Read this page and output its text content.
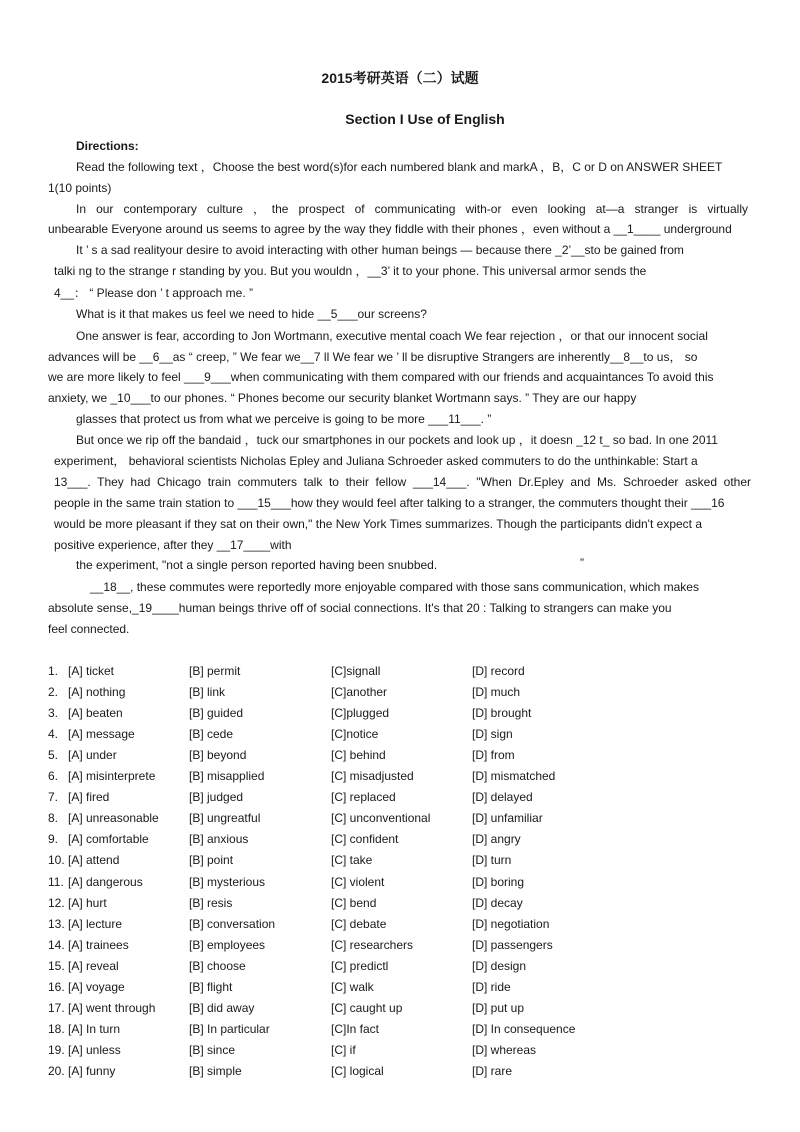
2015考研英语（二）试题
Section I Use of English
Directions:
Read the following text ，Choose the best word(s)for each numbered blank and markA ，B，C or D on ANSWER SHEET
1(10 points)
In our contemporary culture ，the prospect of communicating with-or even looking at—a stranger is virtually
unbearable Everyone around us seems to agree by the way they fiddle with their phones ，even without a __1____ underground
It ’ s a sad realityour desire to avoid interacting with other human beings — because there _2’__sto be gained from
talki ng to the strange r standing by you. But you wouldn ，__3’ it to your phone. This universal armor sends the
4__： “ Please don ’ t approach me. ”
What is it that makes us feel we need to hide __5___our screens?
One answer is fear, according to Jon Wortmann, executive mental coach We fear rejection ，or that our innocent social
advances will be __6__as “ creep, ” We fear we__7 ll We fear we ’ ll be disruptive Strangers are inherently__8__to us， so
we are more likely to feel ___9___when communicating with them compared with our friends and acquaintances To avoid this
anxiety, we _10___to our phones. “ Phones become our security blanket Wortmann says. ” They are our happy
glasses that protect us from what we perceive is going to be more ___11___. ”
But once we rip off the bandaid ，tuck our smartphones in our pockets and look up ，it doesn _12 t_ so bad. In one 2011
experiment， behavioral scientists Nicholas Epley and Juliana Schroeder asked commuters to do the unthinkable: Start a
13___. They had Chicago train commuters talk to their fellow ___14___. "When Dr.Epley and Ms. Schroeder asked other
people in the same train station to ___15___how they would feel after talking to a stranger, the commuters thought their ___16
would be more pleasant if they sat on their own," the New York Times summarizes. Though the participants didn't expect a
positive experience, after they __17____with
the experiment, "not a single person reported having been snubbed.	”
__18__, these commutes were reportedly more enjoyable compared with those sans communication, which makes
absolute sense,_19____human beings thrive off of social connections. It's that 20 : Talking to strangers can make you
feel connected.
1. [A] ticket	[B] permit	[C]signall	[D] record
2. [A] nothing	[B] link	[C]another	[D] much
3. [A] beaten	[B] guided	[C]plugged	[D] brought
4. [A] message	[B] cede	[C]notice	[D] sign
5. [A] under	[B] beyond	[C] behind	[D] from
6. [A] misinterprete	[B] misapplied	[C] misadjusted	[D] mismatched
7. [A] fired	[B] judged	[C] replaced	[D] delayed
8. [A] unreasonable	[B] ungreatful	[C] unconventional	[D] unfamiliar
9. [A] comfortable	[B] anxious	[C] confident	[D] angry
10. [A] attend	[B] point	[C] take	[D] turn
11. [A] dangerous	[B] mysterious	[C] violent	[D] boring
12. [A] hurt	[B] resis	[C] bend	[D] decay
13. [A] lecture	[B] conversation	[C] debate	[D] negotiation
14. [A] trainees	[B] employees	[C] researchers	[D] passengers
15. [A] reveal	[B] choose	[C] predictl	[D] design
16. [A] voyage	[B] flight	[C] walk	[D] ride
17. [A] went through	[B] did away	[C] caught up	[D] put up
18. [A] In turn	[B] In particular	[C]In fact	[D] In consequence
19. [A] unless	[B] since	[C] if	[D] whereas
20. [A] funny	[B] simple	[C] logical	[D] rare
